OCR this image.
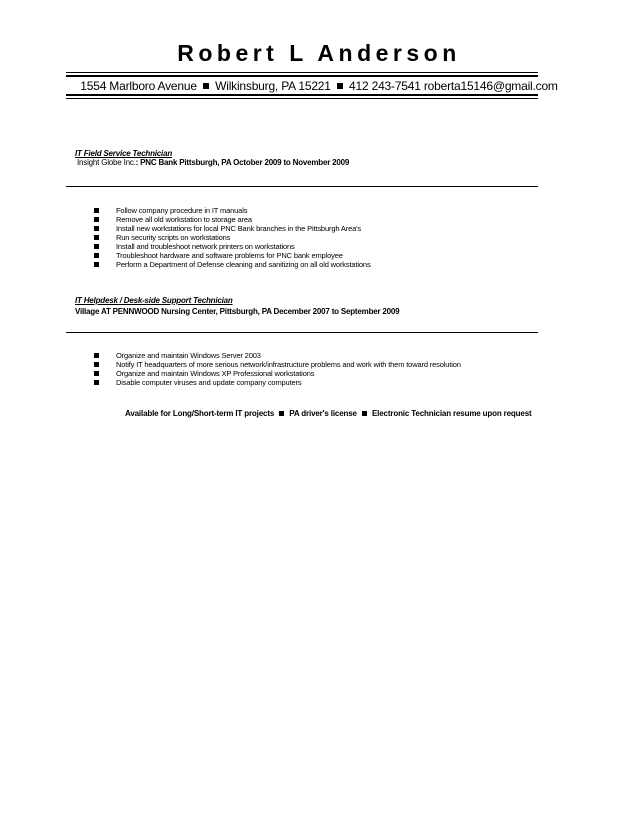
Robert L Anderson
1554 Marlboro Avenue Wilkinsburg, PA 15221 412 243-7541 roberta15146@gmail.com
IT Field Service Technician
Insight Globe Inc.: PNC Bank Pittsburgh, PA October 2009 to November 2009
Follow company procedure in IT manuals
Remove all old workstation to storage area
Install new workstations for local PNC Bank branches in the Pittsburgh Area's
Run security scripts on workstations
Install and troubleshoot network printers on workstations
Troubleshoot hardware and software problems for PNC bank employee
Perform a Department of Defense cleaning and sanitizing on all old workstations
IT Helpdesk / Desk-side Support Technician
Village AT PENNWOOD Nursing Center, Pittsburgh, PA December 2007 to September 2009
Organize and maintain Windows Server 2003
Notify IT headquarters of more serious network/infrastructure problems and work with them toward resolution
Organize and maintain Windows XP Professional workstations
Disable computer viruses and update company computers
Available for Long/Short-term IT projects PA driver's license Electronic Technician resume upon request
